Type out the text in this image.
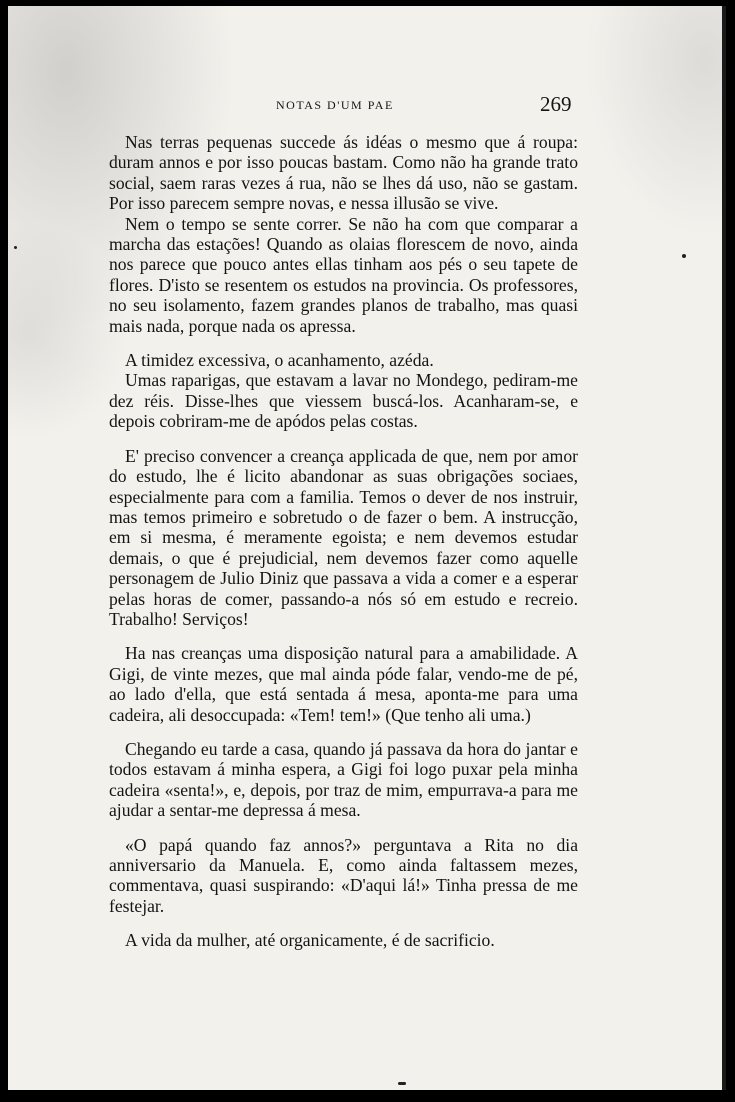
NOTAS D'UM PAE	269

Nas terras pequenas succede ás idéas o mesmo que á roupa: duram annos e por isso poucas bastam. Como não ha grande trato social, saem raras vezes á rua, não se lhes dá uso, não se gastam. Por isso parecem sempre novas, e nessa illusão se vive.

Nem o tempo se sente correr. Se não ha com que comparar a marcha das estações! Quando as olaias florescem de novo, ainda nos parece que pouco antes ellas tinham aos pés o seu tapete de flores. D'isto se resentem os estudos na provincia. Os professores, no seu isolamento, fazem grandes planos de trabalho, mas quasi mais nada, porque nada os apressa.

A timidez excessiva, o acanhamento, azéda.

Umas raparigas, que estavam a lavar no Mondego, pediram-me dez réis. Disse-lhes que viessem buscá-los. Acanharam-se, e depois cobriram-me de apódos pelas costas.

E' preciso convencer a creança applicada de que, nem por amor do estudo, lhe é licito abandonar as suas obrigações sociaes, especialmente para com a familia. Temos o dever de nos instruir, mas temos primeiro e sobretudo o de fazer o bem. A instrucção, em si mesma, é meramente egoista; e nem devemos estudar demais, o que é prejudicial, nem devemos fazer como aquelle personagem de Julio Diniz que passava a vida a comer e a esperar pelas horas de comer, passando-a nós só em estudo e recreio. Trabalho! Serviços!

Ha nas creanças uma disposição natural para a amabilidade. A Gigi, de vinte mezes, que mal ainda póde falar, vendo-me de pé, ao lado d'ella, que está sentada á mesa, aponta-me para uma cadeira, ali desoccupada: «Tem! tem!» (Que tenho ali uma.)

Chegando eu tarde a casa, quando já passava da hora do jantar e todos estavam á minha espera, a Gigi foi logo puxar pela minha cadeira «senta!», e, depois, por traz de mim, empurrava-a para me ajudar a sentar-me depressa á mesa.

«O papá quando faz annos?» perguntava a Rita no dia anniversario da Manuela. E, como ainda faltassem mezes, commentava, quasi suspirando: «D'aqui lá!» Tinha pressa de me festejar.

A vida da mulher, até organicamente, é de sacrificio.
